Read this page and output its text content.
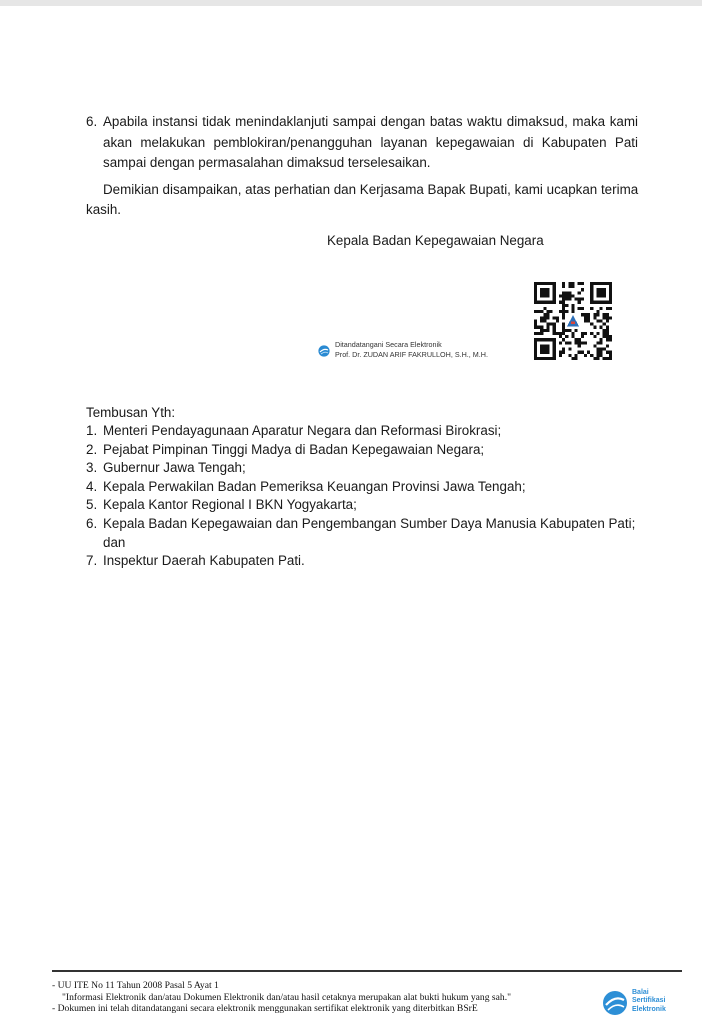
6. Apabila instansi tidak menindaklanjuti sampai dengan batas waktu dimaksud, maka kami
akan melakukan pemblokiran/penangguhan layanan kepegawaian di Kabupaten Pati
sampai dengan permasalahan dimaksud terselesaikan.
Demikian disampaikan, atas perhatian dan Kerjasama Bapak Bupati, kami ucapkan terima
kasih.
Kepala Badan Kepegawaian Negara
Ditandatangani Secara Elektronik
Prof. Dr. ZUDAN ARIF FAKRULLOH, S.H., M.H.
Tembusan Yth:
1. Menteri Pendayagunaan Aparatur Negara dan Reformasi Birokrasi;
2. Pejabat Pimpinan Tinggi Madya di Badan Kepegawaian Negara;
3. Gubernur Jawa Tengah;
4. Kepala Perwakilan Badan Pemeriksa Keuangan Provinsi Jawa Tengah;
5. Kepala Kantor Regional I BKN Yogyakarta;
6. Kepala Badan Kepegawaian dan Pengembangan Sumber Daya Manusia Kabupaten Pati;
dan
7. Inspektur Daerah Kabupaten Pati.
- UU ITE No 11 Tahun 2008 Pasal 5 Ayat 1
"Informasi Elektronik dan/atau Dokumen Elektronik dan/atau hasil cetaknya merupakan alat bukti hukum yang sah."
- Dokumen ini telah ditandatangani secara elektronik menggunakan sertifikat elektronik yang diterbitkan BSrE
Balai
Sertifikasi
Elektronik
